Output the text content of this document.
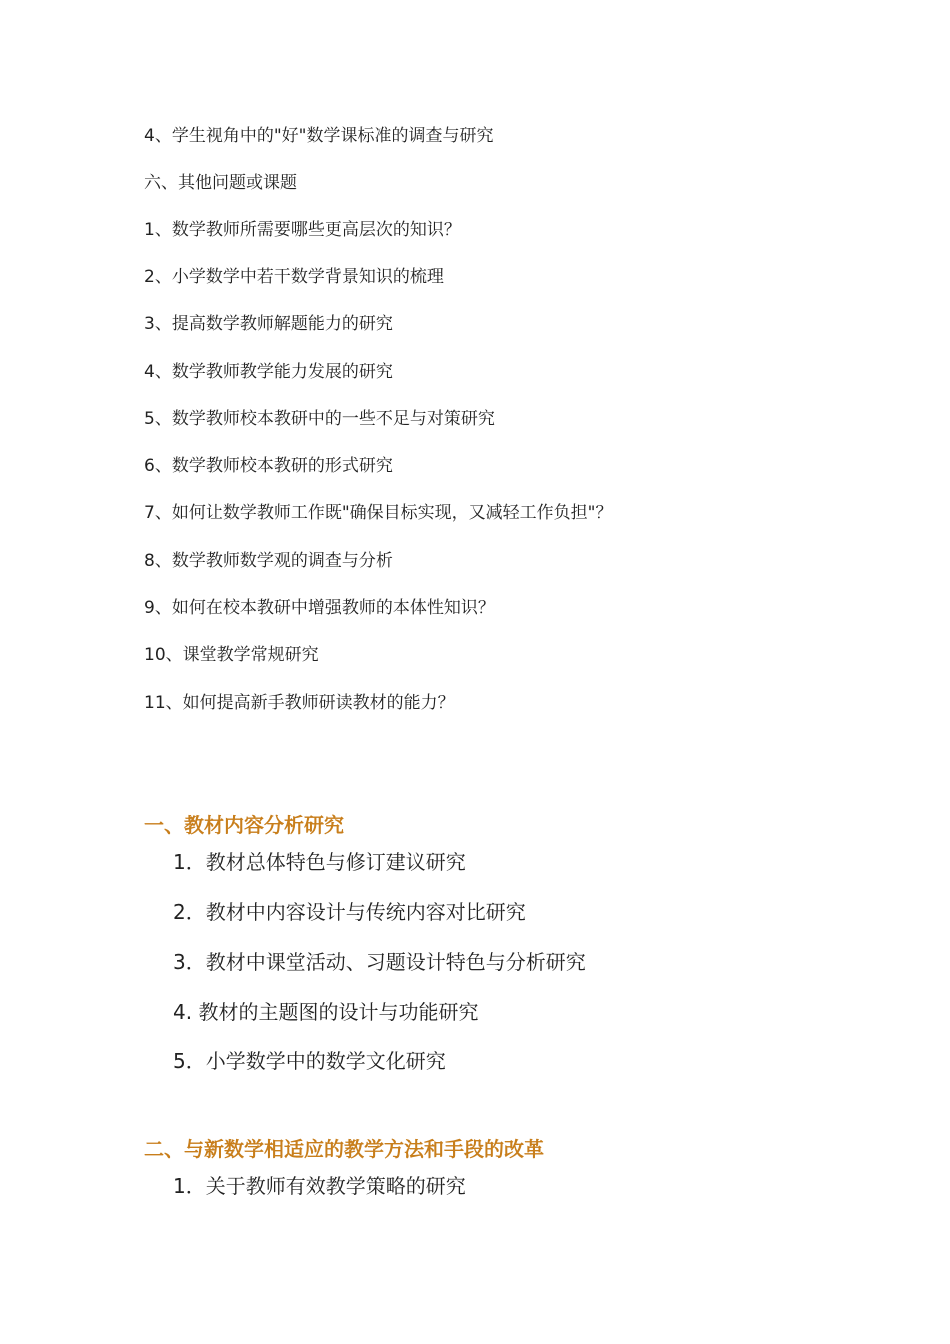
4、学生视角中的"好"数学课标准的调查与研究
六、其他问题或课题
1、数学教师所需要哪些更高层次的知识？
2、小学数学中若干数学背景知识的梳理
3、提高数学教师解题能力的研究
4、数学教师教学能力发展的研究
5、数学教师校本教研中的一些不足与对策研究
6、数学教师校本教研的形式研究
7、如何让数学教师工作既"确保目标实现，又减轻工作负担"？
8、数学教师数学观的调查与分析
9、如何在校本教研中增强教师的本体性知识？
10、课堂教学常规研究
11、如何提高新手教师研读教材的能力？
一、教材内容分析研究
1．教材总体特色与修订建议研究
2．教材中内容设计与传统内容对比研究
3．教材中课堂活动、习题设计特色与分析研究
4. 教材的主题图的设计与功能研究
5．小学数学中的数学文化研究
二、与新数学相适应的教学方法和手段的改革
1．关于教师有效教学策略的研究
